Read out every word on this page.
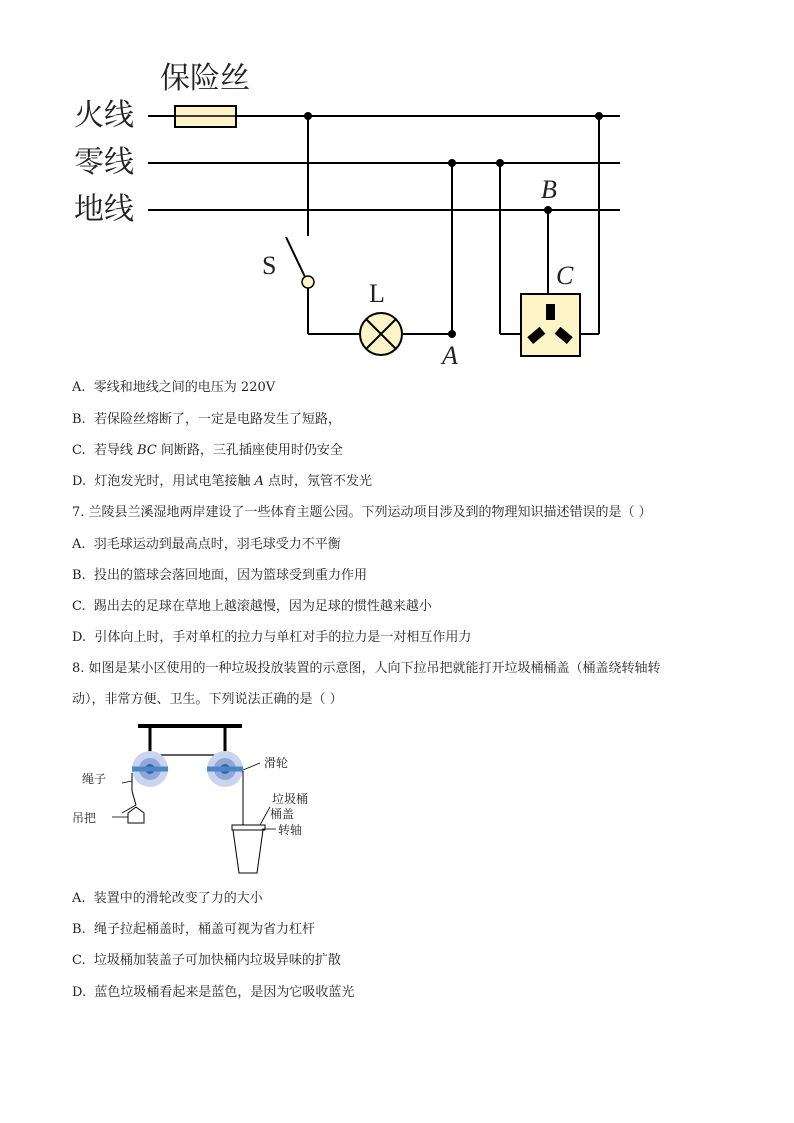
保险丝
火线
零线
地线
S
L
A
B
C
A. 零线和地线之间的电压为 220V
B. 若保险丝熔断了，一定是电路发生了短路，
C. 若导线 BC 间断路，三孔插座使用时仍安全
D. 灯泡发光时，用试电笔接触 A 点时，氖管不发光
7. 兰陵县兰溪湿地两岸建设了一些体育主题公园。下列运动项目涉及到的物理知识描述错误的是（ ）
A. 羽毛球运动到最高点时，羽毛球受力不平衡
B. 投出的篮球会落回地面，因为篮球受到重力作用
C. 踢出去的足球在草地上越滚越慢，因为足球的惯性越来越小
D. 引体向上时，手对单杠的拉力与单杠对手的拉力是一对相互作用力
8. 如图是某小区使用的一种垃圾投放装置的示意图，人向下拉吊把就能打开垃圾桶桶盖（桶盖绕转轴转
动），非常方便、卫生。下列说法正确的是（ ）
绳子
吊把
滑轮
垃圾桶
桶盖
转轴
A. 装置中的滑轮改变了力的大小
B. 绳子拉起桶盖时，桶盖可视为省力杠杆
C. 垃圾桶加装盖子可加快桶内垃圾异味的扩散
D. 蓝色垃圾桶看起来是蓝色，是因为它吸收蓝光
